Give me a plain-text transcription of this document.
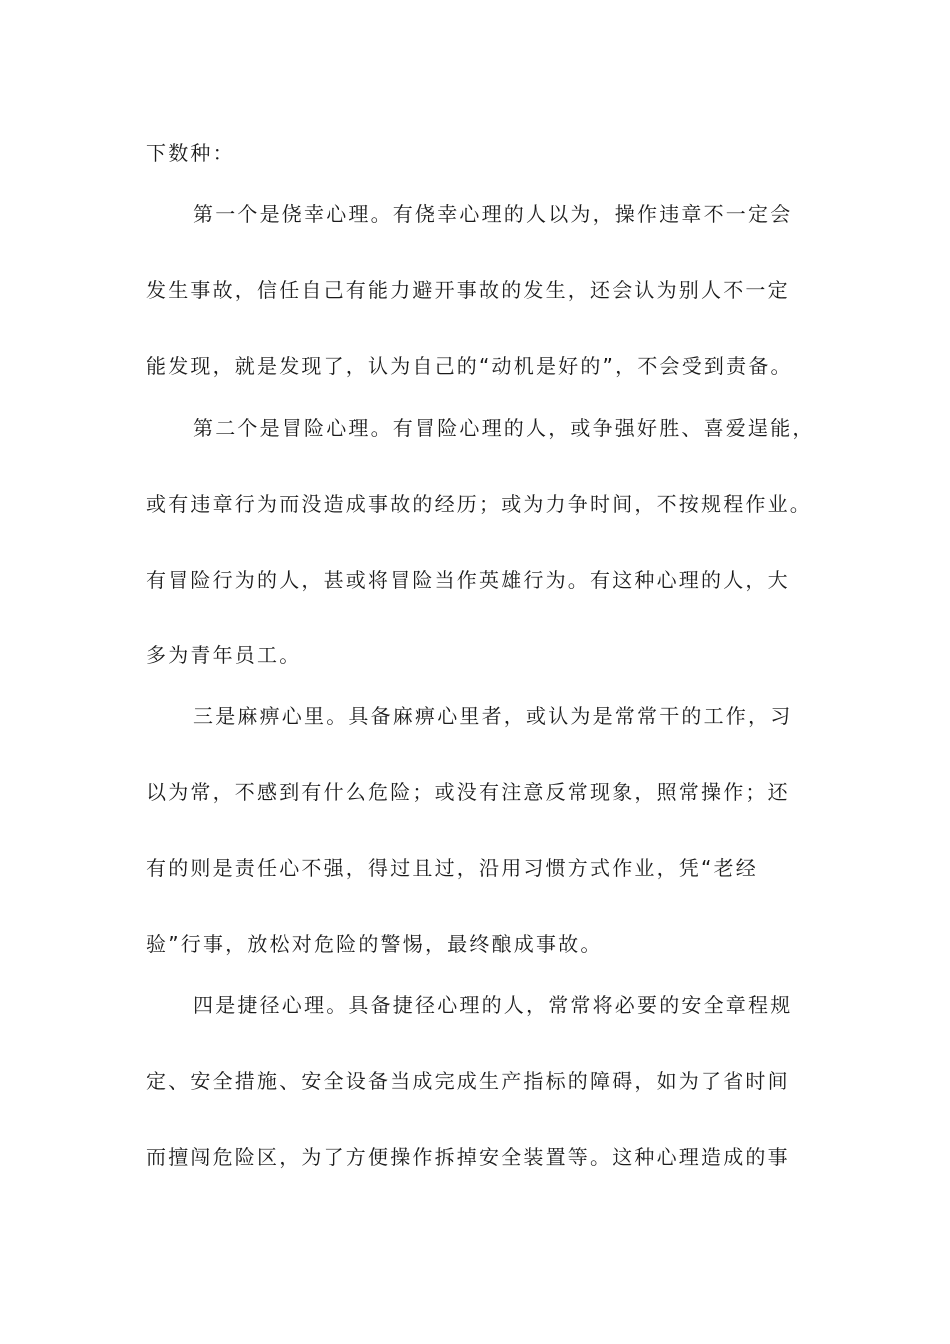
下数种：
第一个是侥幸心理。有侥幸心理的人以为，操作违章不一定会
发生事故，信任自己有能力避开事故的发生，还会认为别人不一定
能发现，就是发现了，认为自己的“动机是好的”，不会受到责备。
第二个是冒险心理。有冒险心理的人，或争强好胜、喜爱逞能，
或有违章行为而没造成事故的经历；或为力争时间，不按规程作业。
有冒险行为的人，甚或将冒险当作英雄行为。有这种心理的人，大
多为青年员工。
三是麻痹心里。具备麻痹心里者，或认为是常常干的工作，习
以为常，不感到有什么危险；或没有注意反常现象，照常操作；还
有的则是责任心不强，得过且过，沿用习惯方式作业，凭“老经
验”行事，放松对危险的警惕，最终酿成事故。
四是捷径心理。具备捷径心理的人，常常将必要的安全章程规
定、安全措施、安全设备当成完成生产指标的障碍，如为了省时间
而擅闯危险区，为了方便操作拆掉安全装置等。这种心理造成的事
